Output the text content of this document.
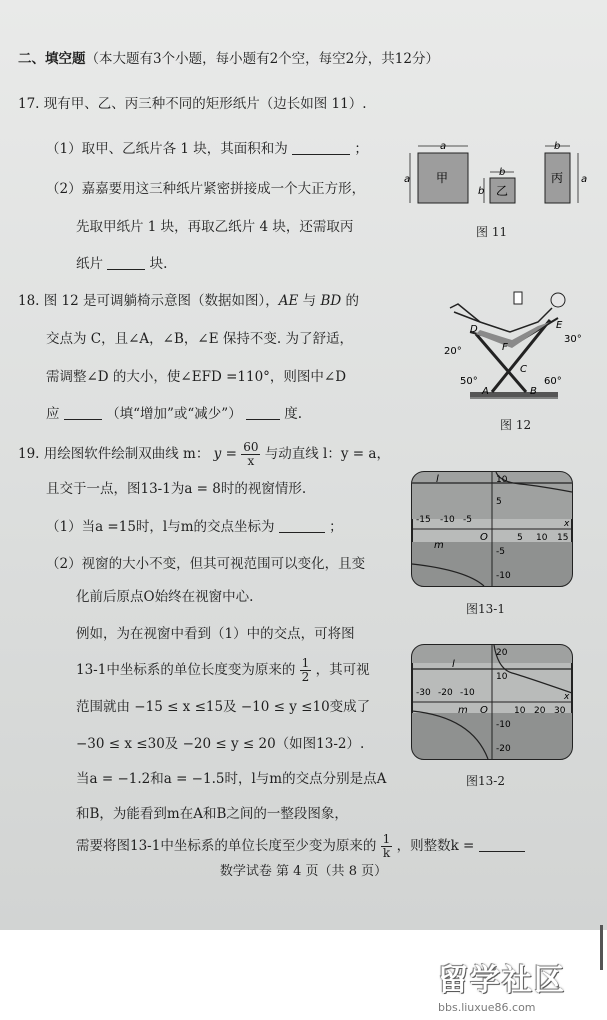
二、填空题（本大题有3个小题，每小题有2个空，每空2分，共12分）
17. 现有甲、乙、丙三种不同的矩形纸片（边长如图 11）.
（1）取甲、乙纸片各 1 块，其面积和为	；
（2）嘉嘉要用这三种纸片紧密拼接成一个大正方形，
先取甲纸片 1 块，再取乙纸片 4 块，还需取丙
纸片	块.
a
a 甲	b
b 乙
b
a
丙
图 11
18. 图 12 是可调躺椅示意图（数据如图），AE 与 BD 的
交点为 C，且∠A，∠B，∠E 保持不变. 为了舒适，
需调整∠D 的大小，使∠EFD =110°，则图中∠D
应	（填“增加”或“减少”）	度.
20°
30°
50°	60°
D	E
F
C
A	B
图 12
19. 用绘图软件绘制双曲线 m： $y = \frac{60}{x}$ 与动直线 l：y = a，
且交于一点，图13-1为a = 8时的视窗情形.
（1）当a =15时，l与m的交点坐标为	；
（2）视窗的大小不变，但其可视范围可以变化，且变
化前后原点O始终在视窗中心.
例如，为在视窗中看到（1）中的交点，可将图
13-1中坐标系的单位长度变为原来的 $\frac{1}{2}$ ，其可视
范围就由 −15 ≤ x ≤15及 −10 ≤ y ≤10变成了
−30 ≤ x ≤30及 −20 ≤ y ≤ 20（如图13-2）.
当a = −1.2和a = −1.5时，l与m的交点分别是点A
和B，为能看到m在A和B之间的一整段图象，
需要将图13-1中坐标系的单位长度至少变为原来的 $\frac{1}{k}$ ，则整数k =
-15 -10 -5
5 10 15
10
5
-5
-10
l
m
O
x
图13-1
-30 -20 -10
10 20 30
20
10
-10
-20
l
m O
x
图13-2
数学试卷 第 4 页（共 8 页）
留学社区
bbs.liuxue86.com
